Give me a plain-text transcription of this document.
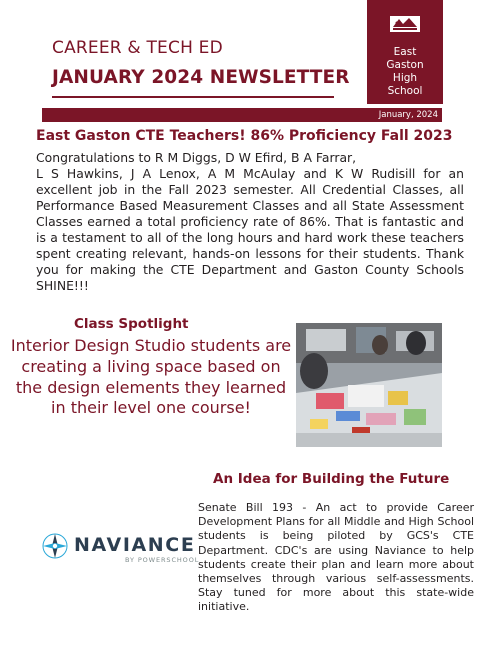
CAREER & TECH ED
JANUARY 2024 NEWSLETTER
East
Gaston
High
School
January, 2024
East Gaston CTE Teachers! 86% Proficiency Fall 2023
Congratulations to R M Diggs, D W Efird, B A Farrar,
L S Hawkins, J A Lenox, A M McAulay and K W Rudisill for an excellent job in the Fall 2023 semester. All Credential Classes, all Performance Based Measurement Classes and all State Assessment Classes earned a total proficiency rate of 86%. That is fantastic and is a testament to all of the long hours and hard work these teachers spent creating relevant, hands-on lessons for their students. Thank you for making the CTE Department and Gaston County Schools SHINE!!!
Class Spotlight
Interior Design Studio students are creating a living space based on the design elements they learned in their level one course!
An Idea for Building the Future
NAVIANCE
BY POWERSCHOOL
Senate Bill 193 - An act to provide Career Development Plans for all Middle and High School students is being piloted by GCS's CTE Department. CDC's are using Naviance to help students create their plan and learn more about themselves through various self-assessments. Stay tuned for more about this state-wide initiative.
